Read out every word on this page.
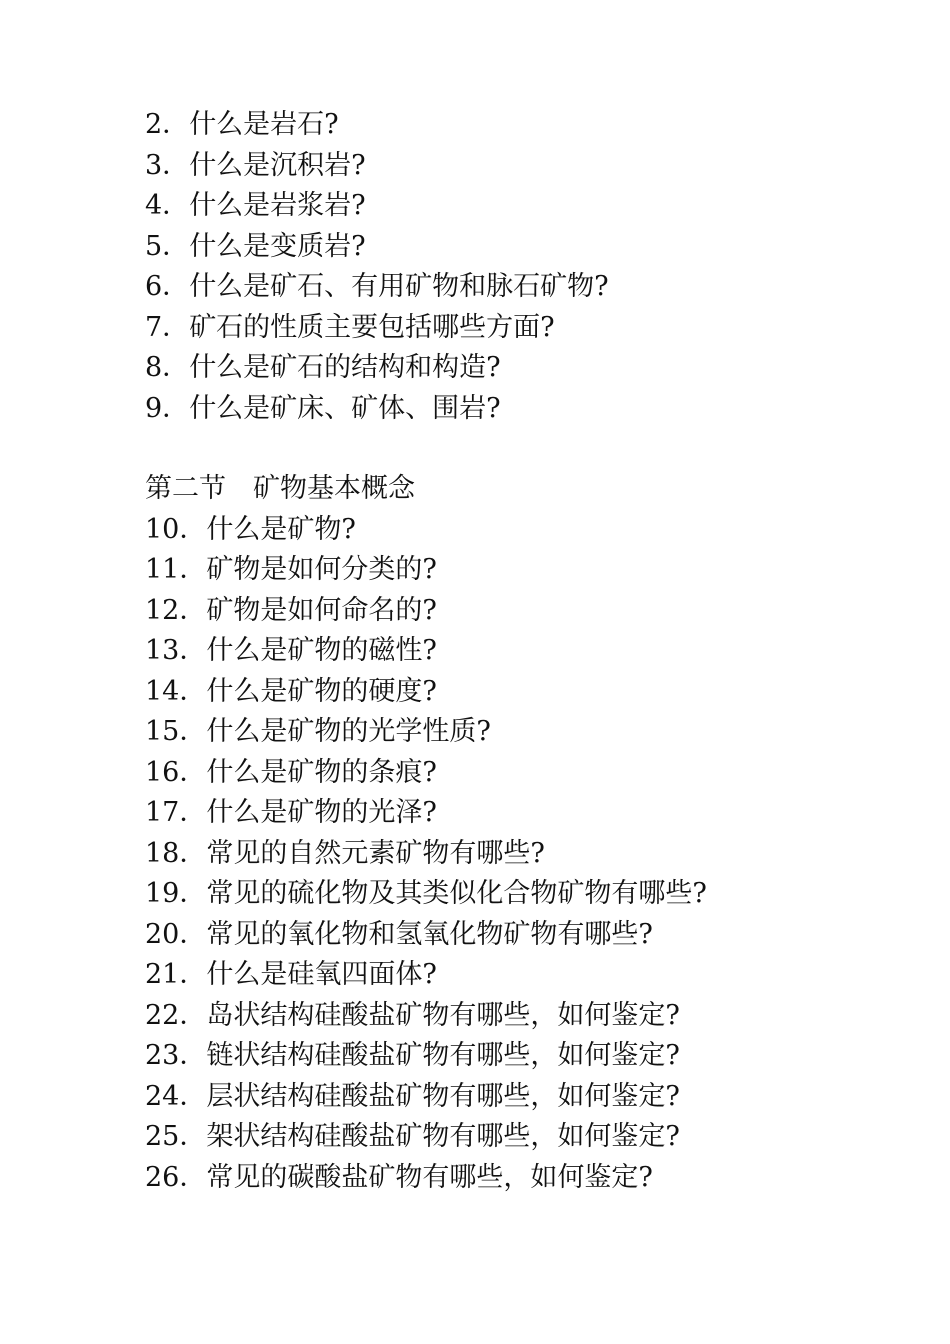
2．什么是岩石?
3．什么是沉积岩?
4．什么是岩浆岩?
5．什么是变质岩?
6．什么是矿石、有用矿物和脉石矿物?
7．矿石的性质主要包括哪些方面?
8．什么是矿石的结构和构造?
9．什么是矿床、矿体、围岩?
第二节　矿物基本概念
10．什么是矿物?
11．矿物是如何分类的?
12．矿物是如何命名的?
13．什么是矿物的磁性?
14．什么是矿物的硬度?
15．什么是矿物的光学性质?
16．什么是矿物的条痕?
17．什么是矿物的光泽?
18．常见的自然元素矿物有哪些?
19．常见的硫化物及其类似化合物矿物有哪些?
20．常见的氧化物和氢氧化物矿物有哪些?
21．什么是硅氧四面体?
22．岛状结构硅酸盐矿物有哪些，如何鉴定?
23．链状结构硅酸盐矿物有哪些，如何鉴定?
24．层状结构硅酸盐矿物有哪些，如何鉴定?
25．架状结构硅酸盐矿物有哪些，如何鉴定?
26．常见的碳酸盐矿物有哪些，如何鉴定?
